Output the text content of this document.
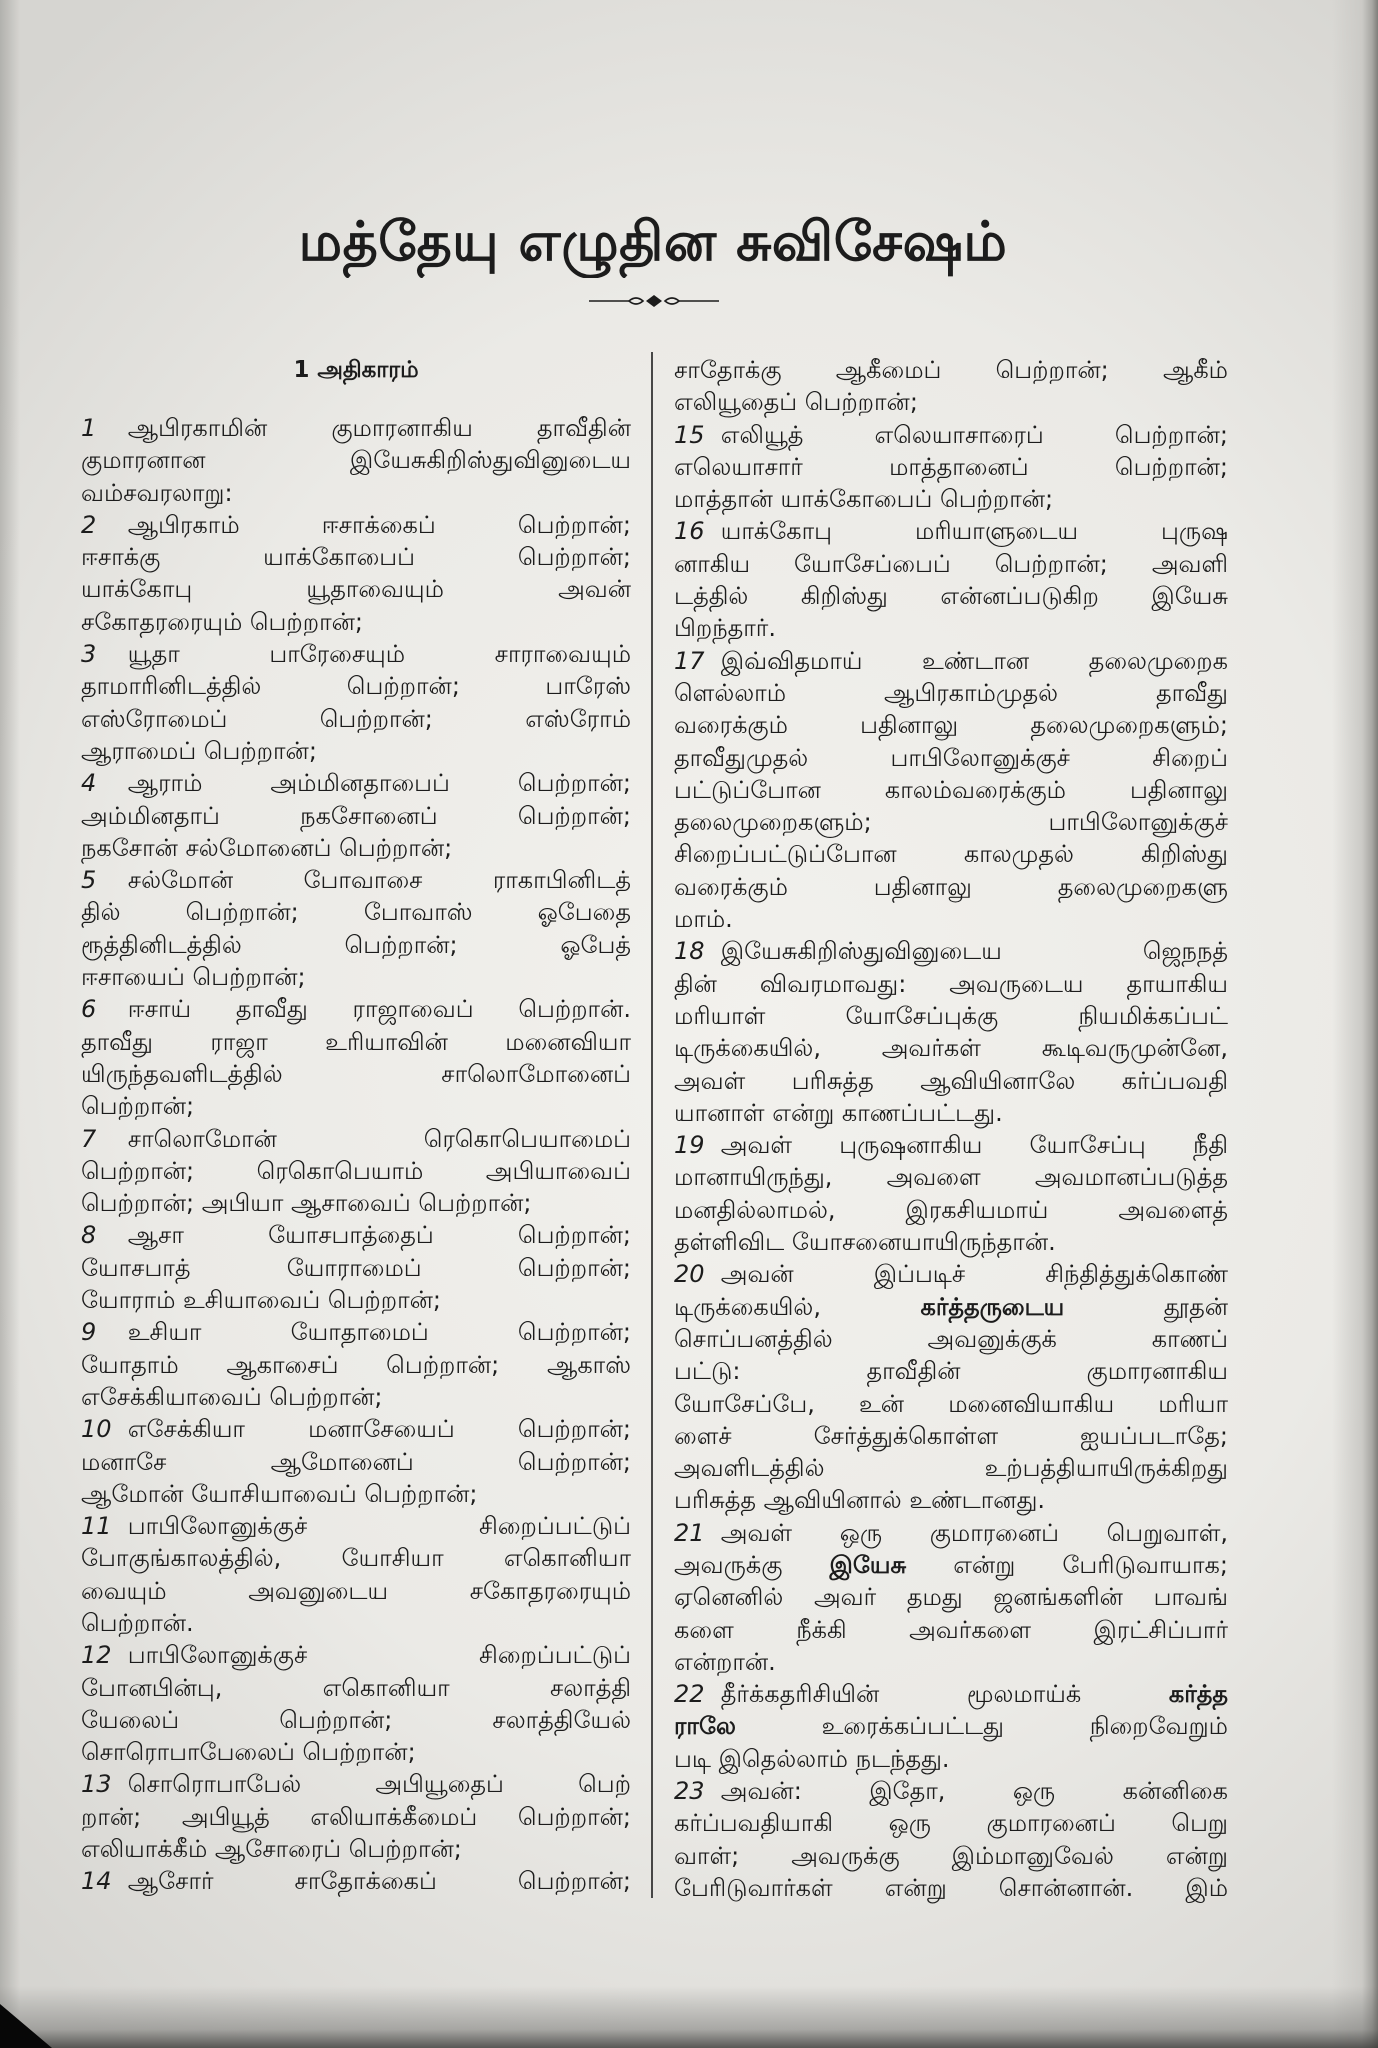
மத்தேயு எழுதின சுவிசேஷம்
1 அதிகாரம்
1 ஆபிரகாமின் குமாரனாகிய தாவீதின்
குமாரனான இயேசுகிறிஸ்துவினுடைய
வம்சவரலாறு:
2 ஆபிரகாம் ஈசாக்கைப் பெற்றான்;
ஈசாக்கு யாக்கோபைப் பெற்றான்;
யாக்கோபு யூதாவையும் அவன்
சகோதரரையும் பெற்றான்;
3 யூதா பாரேசையும் சாராவையும்
தாமாரினிடத்தில் பெற்றான்; பாரேஸ்
எஸ்ரோமைப் பெற்றான்; எஸ்ரோம்
ஆராமைப் பெற்றான்;
4 ஆராம் அம்மினதாபைப் பெற்றான்;
அம்மினதாப் நகசோனைப் பெற்றான்;
நகசோன் சல்மோனைப் பெற்றான்;
5 சல்மோன் போவாசை ராகாபினிடத்
தில் பெற்றான்; போவாஸ் ஓபேதை
ரூத்தினிடத்தில் பெற்றான்; ஓபேத்
ஈசாயைப் பெற்றான்;
6 ஈசாய் தாவீது ராஜாவைப் பெற்றான்.
தாவீது ராஜா உரியாவின் மனைவியா
யிருந்தவளிடத்தில் சாலொமோனைப்
பெற்றான்;
7 சாலொமோன் ரெகொபெயாமைப்
பெற்றான்; ரெகொபெயாம் அபியாவைப்
பெற்றான்; அபியா ஆசாவைப் பெற்றான்;
8 ஆசா யோசபாத்தைப் பெற்றான்;
யோசபாத் யோராமைப் பெற்றான்;
யோராம் உசியாவைப் பெற்றான்;
9 உசியா யோதாமைப் பெற்றான்;
யோதாம் ஆகாசைப் பெற்றான்; ஆகாஸ்
எசேக்கியாவைப் பெற்றான்;
10 எசேக்கியா மனாசேயைப் பெற்றான்;
மனாசே ஆமோனைப் பெற்றான்;
ஆமோன் யோசியாவைப் பெற்றான்;
11 பாபிலோனுக்குச் சிறைப்பட்டுப்
போகுங்காலத்தில், யோசியா எகொனியா
வையும் அவனுடைய சகோதரரையும்
பெற்றான்.
12 பாபிலோனுக்குச் சிறைப்பட்டுப்
போனபின்பு, எகொனியா சலாத்தி
யேலைப் பெற்றான்; சலாத்தியேல்
சொரொபாபேலைப் பெற்றான்;
13 சொரொபாபேல் அபியூதைப் பெற்
றான்; அபியூத் எலியாக்கீமைப் பெற்றான்;
எலியாக்கீம் ஆசோரைப் பெற்றான்;
14 ஆசோர் சாதோக்கைப் பெற்றான்;
சாதோக்கு ஆகீமைப் பெற்றான்; ஆகீம்
எலியூதைப் பெற்றான்;
15 எலியூத் எலெயாசாரைப் பெற்றான்;
எலெயாசார் மாத்தானைப் பெற்றான்;
மாத்தான் யாக்கோபைப் பெற்றான்;
16 யாக்கோபு மரியாளுடைய புருஷ
னாகிய யோசேப்பைப் பெற்றான்; அவளி
டத்தில் கிறிஸ்து என்னப்படுகிற இயேசு
பிறந்தார்.
17 இவ்விதமாய் உண்டான தலைமுறைக
ளெல்லாம் ஆபிரகாம்முதல் தாவீது
வரைக்கும் பதினாலு தலைமுறைகளும்;
தாவீதுமுதல் பாபிலோனுக்குச் சிறைப்
பட்டுப்போன காலம்வரைக்கும் பதினாலு
தலைமுறைகளும்; பாபிலோனுக்குச்
சிறைப்பட்டுப்போன காலமுதல் கிறிஸ்து
வரைக்கும் பதினாலு தலைமுறைகளு
மாம்.
18 இயேசுகிறிஸ்துவினுடைய ஜெநநத்
தின் விவரமாவது: அவருடைய தாயாகிய
மரியாள் யோசேப்புக்கு நியமிக்கப்பட்
டிருக்கையில், அவர்கள் கூடிவருமுன்னே,
அவள் பரிசுத்த ஆவியினாலே கர்ப்பவதி
யானாள் என்று காணப்பட்டது.
19 அவள் புருஷனாகிய யோசேப்பு நீதி
மானாயிருந்து, அவளை அவமானப்படுத்த
மனதில்லாமல், இரகசியமாய் அவளைத்
தள்ளிவிட யோசனையாயிருந்தான்.
20 அவன் இப்படிச் சிந்தித்துக்கொண்
டிருக்கையில், கர்த்தருடைய தூதன்
சொப்பனத்தில் அவனுக்குக் காணப்
பட்டு: தாவீதின் குமாரனாகிய
யோசேப்பே, உன் மனைவியாகிய மரியா
ளைச் சேர்த்துக்கொள்ள ஐயப்படாதே;
அவளிடத்தில் உற்பத்தியாயிருக்கிறது
பரிசுத்த ஆவியினால் உண்டானது.
21 அவள் ஒரு குமாரனைப் பெறுவாள்,
அவருக்கு இயேசு என்று பேரிடுவாயாக;
ஏனெனில் அவர் தமது ஜனங்களின் பாவங்
களை நீக்கி அவர்களை இரட்சிப்பார்
என்றான்.
22 தீர்க்கதரிசியின் மூலமாய்க் கர்த்த
ராலே உரைக்கப்பட்டது நிறைவேறும்
படி இதெல்லாம் நடந்தது.
23 அவன்: இதோ, ஒரு கன்னிகை
கர்ப்பவதியாகி ஒரு குமாரனைப் பெறு
வாள்; அவருக்கு இம்மானுவேல் என்று
பேரிடுவார்கள் என்று சொன்னான். இம்
